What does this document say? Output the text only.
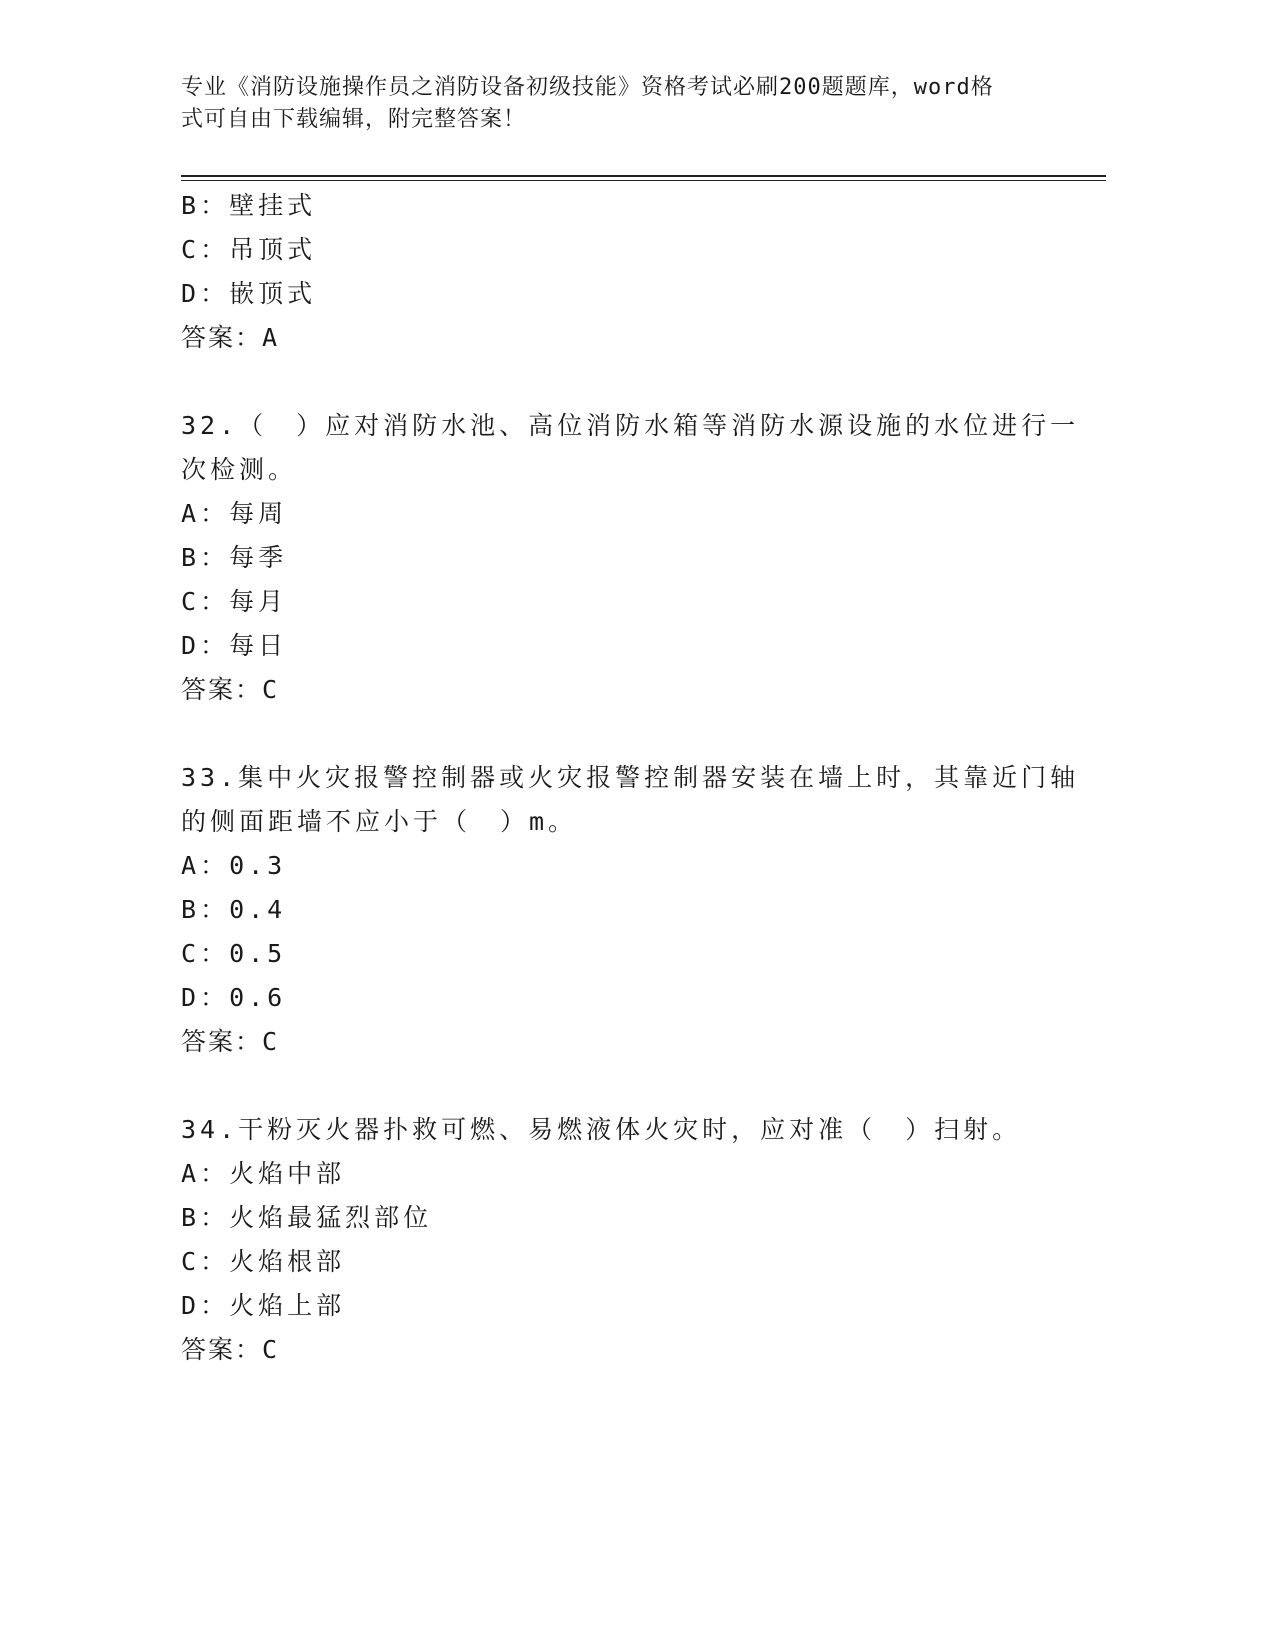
专业《消防设施操作员之消防设备初级技能》资格考试必刷200题题库，word格
式可自由下载编辑，附完整答案！
B：壁挂式
C：吊顶式
D：嵌顶式
答案：A
32.（　）应对消防水池、高位消防水箱等消防水源设施的水位进行一
次检测。
A：每周
B：每季
C：每月
D：每日
答案：C
33.集中火灾报警控制器或火灾报警控制器安装在墙上时，其靠近门轴
的侧面距墙不应小于（　）m。
A：0.3
B：0.4
C：0.5
D：0.6
答案：C
34.干粉灭火器扑救可燃、易燃液体火灾时，应对准（　）扫射。
A：火焰中部
B：火焰最猛烈部位
C：火焰根部
D：火焰上部
答案：C
